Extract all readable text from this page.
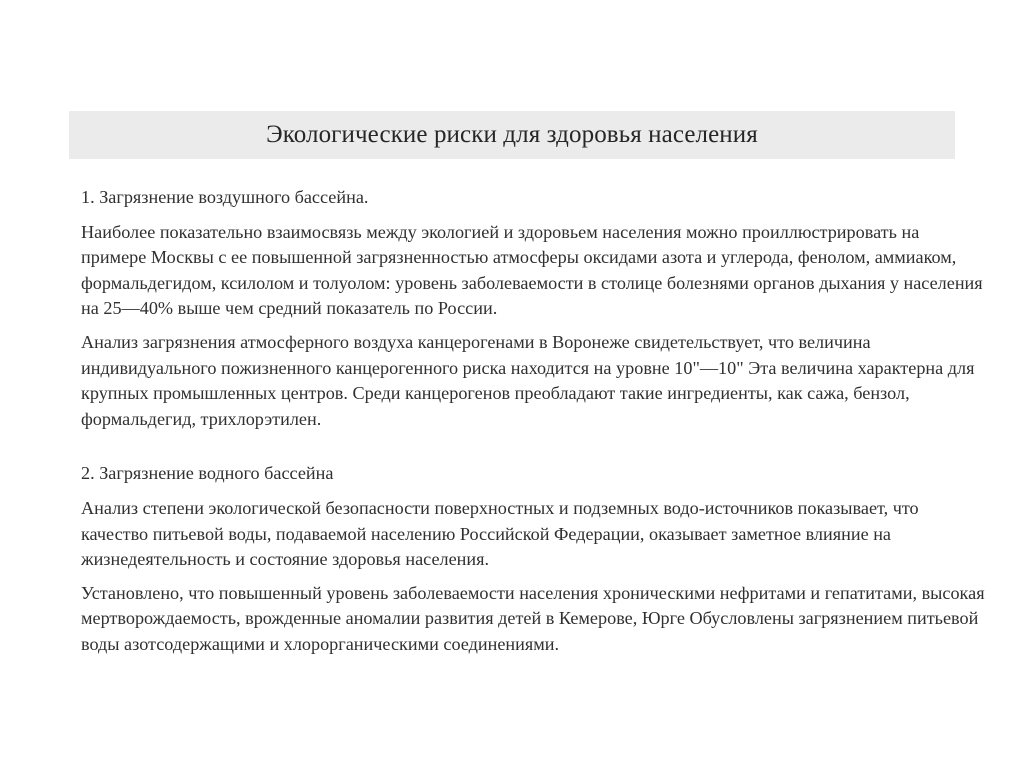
Экологические риски для здоровья населения

1. Загрязнение воздушного бассейна.

Наиболее показательно взаимосвязь между экологией и здоровьем населения можно проиллюстрировать на примере Москвы с ее повышенной загрязненностью атмосферы оксидами азота и углерода, фенолом, аммиаком, формальдегидом, ксилолом и толуолом: уровень заболеваемости в столице болезнями органов дыхания у населения на 25—40% выше чем средний показатель по России.

Анализ загрязнения атмосферного воздуха канцерогенами в Воронеже свидетельствует, что величина индивидуального пожизненного канцерогенного риска находится на уровне 10"—10" Эта величина характерна для крупных промышленных центров. Среди канцерогенов преобладают такие ингредиенты, как сажа, бензол, формальдегид, трихлорэтилен.

2. Загрязнение водного бассейна

Анализ степени экологической безопасности поверхностных и подземных водо-источников показывает, что качество питьевой воды, подаваемой населению Российской Федерации, оказывает заметное влияние на жизнедеятельность и состояние здоровья населения.

Установлено, что повышенный уровень заболеваемости населения хроническими нефритами и гепатитами, высокая мертворождаемость, врожденные аномалии развития детей в Кемерове, Юрге Обусловлены загрязнением питьевой воды азотсодержащими и хлорорганическими соединениями.
